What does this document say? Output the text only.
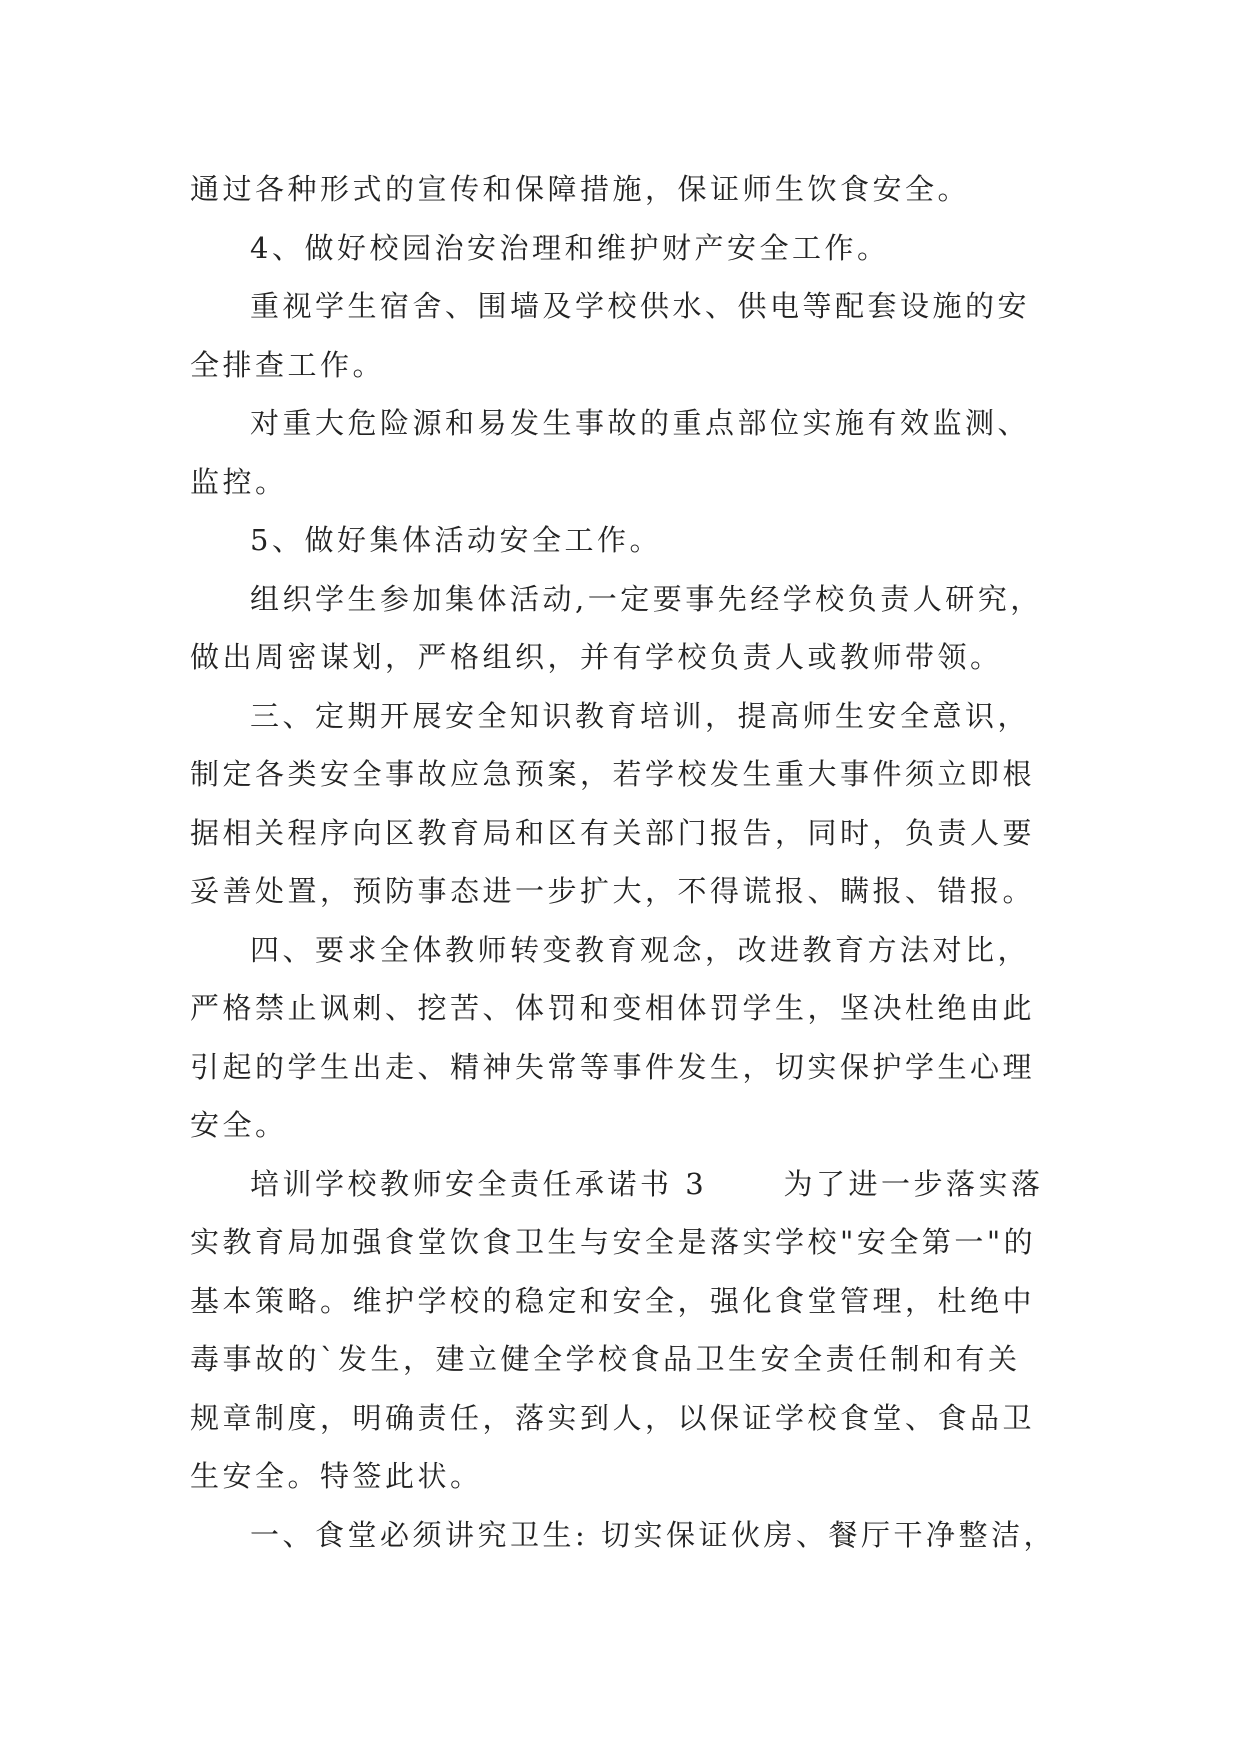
通过各种形式的宣传和保障措施，保证师生饮食安全。
4、做好校园治安治理和维护财产安全工作。
重视学生宿舍、围墙及学校供水、供电等配套设施的安
全排查工作。
对重大危险源和易发生事故的重点部位实施有效监测、
监控。
5、做好集体活动安全工作。
组织学生参加集体活动,一定要事先经学校负责人研究，
做出周密谋划，严格组织，并有学校负责人或教师带领。
三、定期开展安全知识教育培训，提高师生安全意识，
制定各类安全事故应急预案，若学校发生重大事件须立即根
据相关程序向区教育局和区有关部门报告，同时，负责人要
妥善处置，预防事态进一步扩大，不得谎报、瞒报、错报。
四、要求全体教师转变教育观念，改进教育方法对比，
严格禁止讽刺、挖苦、体罚和变相体罚学生，坚决杜绝由此
引起的学生出走、精神失常等事件发生，切实保护学生心理
安全。
培训学校教师安全责任承诺书 3      为了进一步落实落
实教育局加强食堂饮食卫生与安全是落实学校"安全第一"的
基本策略。维护学校的稳定和安全，强化食堂管理，杜绝中
毒事故的`发生，建立健全学校食品卫生安全责任制和有关
规章制度，明确责任，落实到人，以保证学校食堂、食品卫
生安全。特签此状。
一、食堂必须讲究卫生: 切实保证伙房、餐厅干净整洁，
